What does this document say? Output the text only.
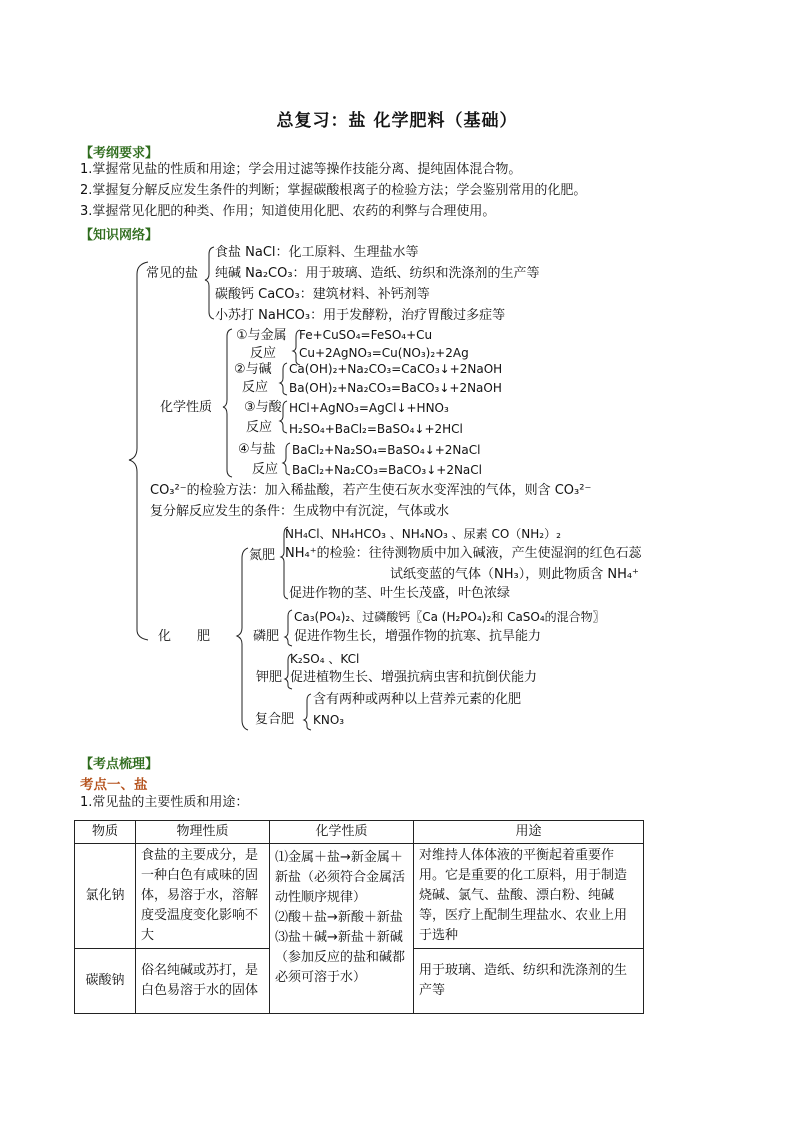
总复习：盐 化学肥料（基础）
【考纲要求】
1.掌握常见盐的性质和用途；学会用过滤等操作技能分离、提纯固体混合物。
2.掌握复分解反应发生条件的判断；掌握碳酸根离子的检验方法；学会鉴别常用的化肥。
3.掌握常见化肥的种类、作用；知道使用化肥、农药的利弊与合理使用。
【知识网络】
常见的盐
食盐 NaCl：化工原料、生理盐水等
纯碱 Na₂CO₃：用于玻璃、造纸、纺织和洗涤剂的生产等
碳酸钙 CaCO₃：建筑材料、补钙剂等
小苏打 NaHCO₃：用于发酵粉，治疗胃酸过多症等
化学性质
①与金属
反应
Fe+CuSO₄=FeSO₄+Cu
Cu+2AgNO₃=Cu(NO₃)₂+2Ag
②与碱
反应
Ca(OH)₂+Na₂CO₃=CaCO₃↓+2NaOH
Ba(OH)₂+Na₂CO₃=BaCO₃↓+2NaOH
③与酸
反应
HCl+AgNO₃=AgCl↓+HNO₃
H₂SO₄+BaCl₂=BaSO₄↓+2HCl
④与盐
反应
BaCl₂+Na₂SO₄=BaSO₄↓+2NaCl
BaCl₂+Na₂CO₃=BaCO₃↓+2NaCl
CO₃²⁻的检验方法：加入稀盐酸，若产生使石灰水变浑浊的气体，则含 CO₃²⁻
复分解反应发生的条件：生成物中有沉淀，气体或水
化　　肥
氮肥
NH₄Cl、NH₄HCO₃ 、NH₄NO₃ 、尿素 CO（NH₂）₂
NH₄⁺的检验：往待测物质中加入碱液，产生使湿润的红色石蕊
试纸变蓝的气体（NH₃），则此物质含 NH₄⁺
促进作物的茎、叶生长茂盛，叶色浓绿
磷肥
Ca₃(PO₄)₂、过磷酸钙〖Ca (H₂PO₄)₂和 CaSO₄的混合物〗
促进作物生长，增强作物的抗寒、抗旱能力
钾肥
K₂SO₄ 、KCl
促进植物生长、增强抗病虫害和抗倒伏能力
复合肥
含有两种或两种以上营养元素的化肥
KNO₃
【考点梳理】
考点一、盐
1.常见盐的主要性质和用途：
物质	物理性质	化学性质	用途
氯化钠	食盐的主要成分，是一种白色有咸味的固体，易溶于水，溶解度受温度变化影响不大	⑴金属＋盐→新金属＋新盐（必须符合金属活动性顺序规律）
⑵酸＋盐→新酸＋新盐
⑶盐＋碱→新盐＋新碱（参加反应的盐和碱都必须可溶于水）	对维持人体体液的平衡起着重要作用。它是重要的化工原料，用于制造烧碱、氯气、盐酸、漂白粉、纯碱等，医疗上配制生理盐水、农业上用于选种
碳酸钠	俗名纯碱或苏打，是白色易溶于水的固体		用于玻璃、造纸、纺织和洗涤剂的生产等
